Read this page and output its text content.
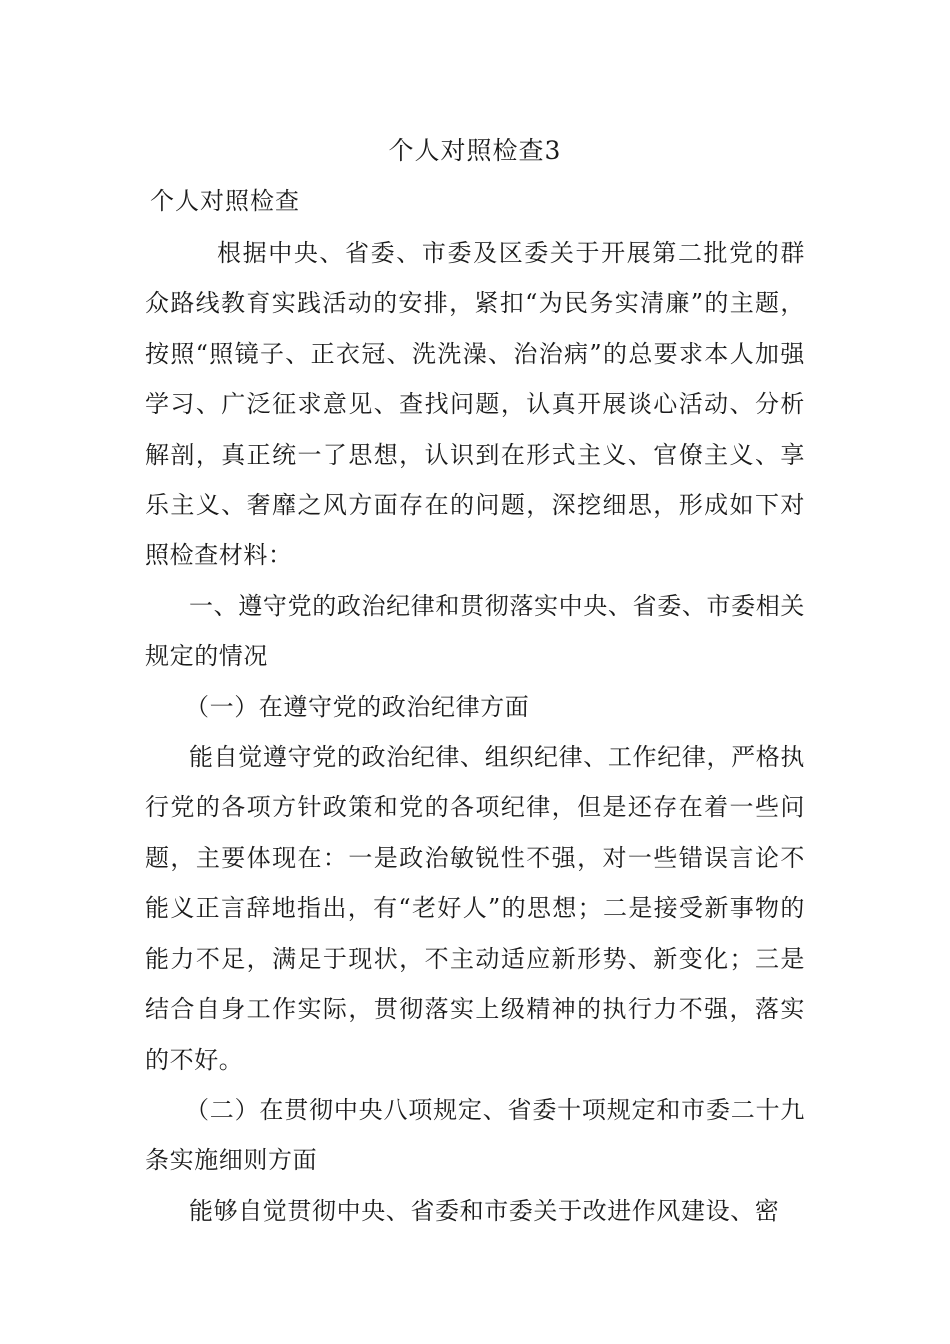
个人对照检查3
个人对照检查

根据中央、省委、市委及区委关于开展第二批党的群众路线教育实践活动的安排，紧扣“为民务实清廉”的主题，按照“照镜子、正衣冠、洗洗澡、治治病”的总要求本人加强学习、广泛征求意见、查找问题，认真开展谈心活动、分析解剖，真正统一了思想，认识到在形式主义、官僚主义、享乐主义、奢靡之风方面存在的问题，深挖细思，形成如下对照检查材料：

一、遵守党的政治纪律和贯彻落实中央、省委、市委相关规定的情况

（一）在遵守党的政治纪律方面

能自觉遵守党的政治纪律、组织纪律、工作纪律，严格执行党的各项方针政策和党的各项纪律，但是还存在着一些问题，主要体现在：一是政治敏锐性不强，对一些错误言论不能义正言辞地指出，有“老好人”的思想；二是接受新事物的能力不足，满足于现状，不主动适应新形势、新变化；三是结合自身工作实际，贯彻落实上级精神的执行力不强，落实的不好。

（二）在贯彻中央八项规定、省委十项规定和市委二十九条实施细则方面

能够自觉贯彻中央、省委和市委关于改进作风建设、密
